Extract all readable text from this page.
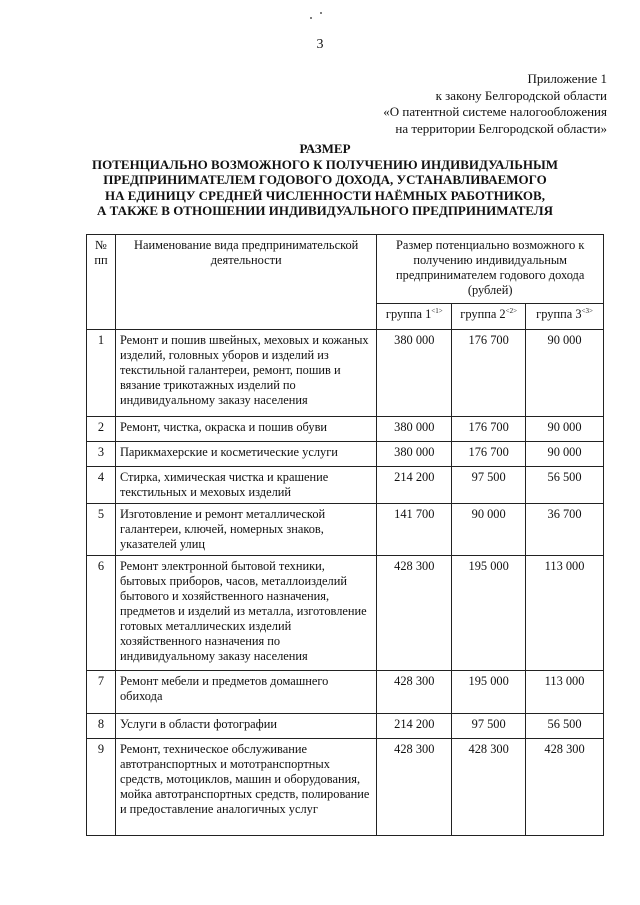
3
Приложение 1
к закону Белгородской области
«О патентной системе налогообложения
на территории Белгородской области»
РАЗМЕР
ПОТЕНЦИАЛЬНО ВОЗМОЖНОГО К ПОЛУЧЕНИЮ ИНДИВИДУАЛЬНЫМ
ПРЕДПРИНИМАТЕЛЕМ ГОДОВОГО ДОХОДА, УСТАНАВЛИВАЕМОГО
НА ЕДИНИЦУ СРЕДНЕЙ ЧИСЛЕННОСТИ НАЁМНЫХ РАБОТНИКОВ,
А ТАКЖЕ В ОТНОШЕНИИ ИНДИВИДУАЛЬНОГО ПРЕДПРИНИМАТЕЛЯ
№
пп	Наименование вида предпринимательской деятельности	Размер потенциально возможного к получению индивидуальным предпринимателем годового дохода (рублей)		
		группа $1^{<1>}$	группа $2^{<2>}$	группа $3^{<3>}$
1	Ремонт и пошив швейных, меховых и кожаных изделий, головных уборов и изделий из текстильной галантереи, ремонт, пошив и вязание трикотажных изделий по индивидуальному заказу населения	380 000	176 700	90 000
2	Ремонт, чистка, окраска и пошив обуви	380 000	176 700	90 000
3	Парикмахерские и косметические услуги	380 000	176 700	90 000
4	Стирка, химическая чистка и крашение текстильных и меховых изделий	214 200	97 500	56 500
5	Изготовление и ремонт металлической галантереи, ключей, номерных знаков, указателей улиц	141 700	90 000	36 700
6	Ремонт электронной бытовой техники, бытовых приборов, часов, металлоизделий бытового и хозяйственного назначения, предметов и изделий из металла, изготовление готовых металлических изделий хозяйственного назначения по индивидуальному заказу населения	428 300	195 000	113 000
7	Ремонт мебели и предметов домашнего обихода	428 300	195 000	113 000
8	Услуги в области фотографии	214 200	97 500	56 500
9	Ремонт, техническое обслуживание автотранспортных и мототранспортных средств, мотоциклов, машин и оборудования, мойка автотранспортных средств, полирование и предоставление аналогичных услуг	428 300	428 300	428 300
